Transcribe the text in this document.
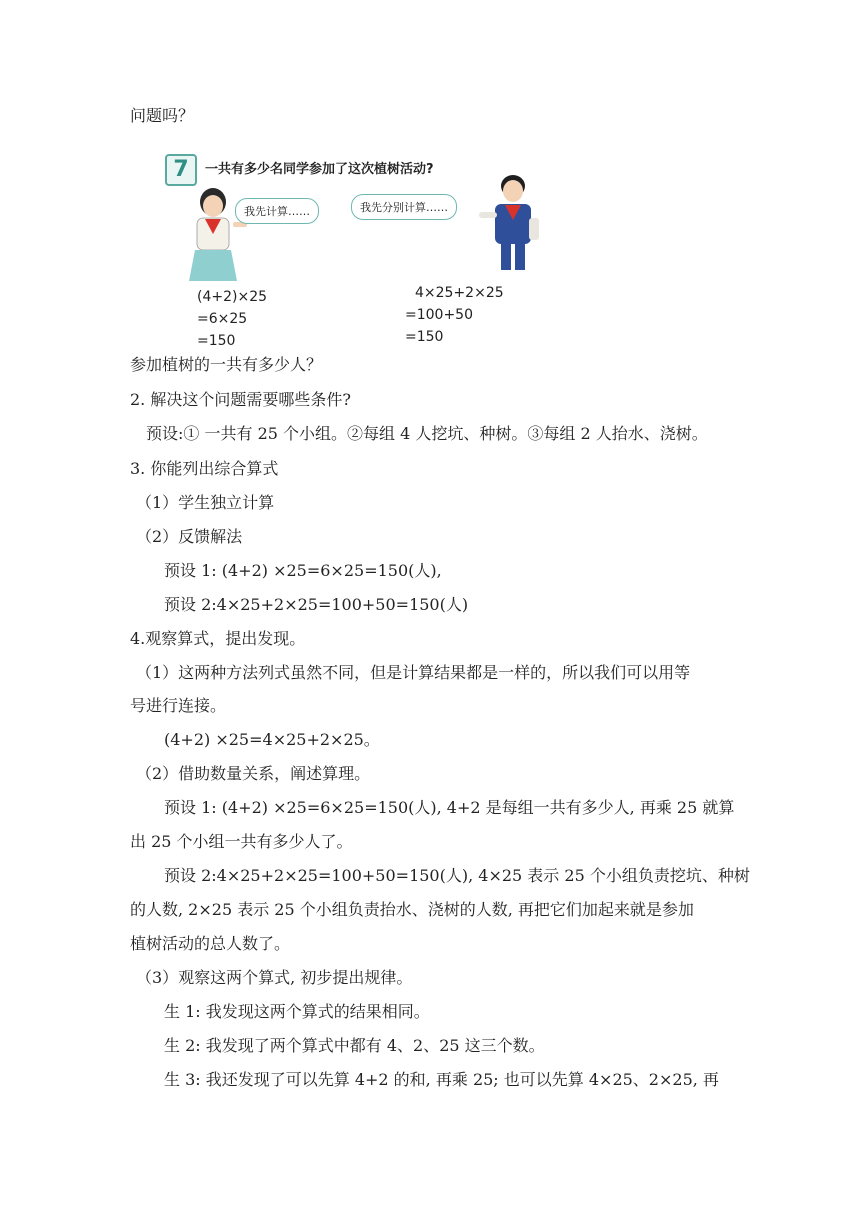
问题吗？
7	一共有多少名同学参加了这次植树活动?
我先计算……	我先分别计算……
(4+2)×25
=6×25
=150
4×25+2×25
=100+50
=150
参加植树的一共有多少人？
2. 解决这个问题需要哪些条件?
预设:① 一共有 25 个小组。②每组 4 人挖坑、种树。③每组 2 人抬水、浇树。
3. 你能列出综合算式
（1）学生独立计算
（2）反馈解法
预设 1: (4+2) ×25=6×25=150(人),
预设 2:4×25+2×25=100+50=150(人)
4.观察算式，提出发现。
（1）这两种方法列式虽然不同，但是计算结果都是一样的，所以我们可以用等
号进行连接。
(4+2) ×25=4×25+2×25。
（2）借助数量关系，阐述算理。
预设 1: (4+2) ×25=6×25=150(人), 4+2 是每组一共有多少人, 再乘 25 就算
出 25 个小组一共有多少人了。
预设 2:4×25+2×25=100+50=150(人), 4×25 表示 25 个小组负责挖坑、种树
的人数, 2×25 表示 25 个小组负责抬水、浇树的人数, 再把它们加起来就是参加
植树活动的总人数了。
（3）观察这两个算式, 初步提出规律。
生 1: 我发现这两个算式的结果相同。
生 2: 我发现了两个算式中都有 4、2、25 这三个数。
生 3: 我还发现了可以先算 4+2 的和, 再乘 25; 也可以先算 4×25、2×25, 再
